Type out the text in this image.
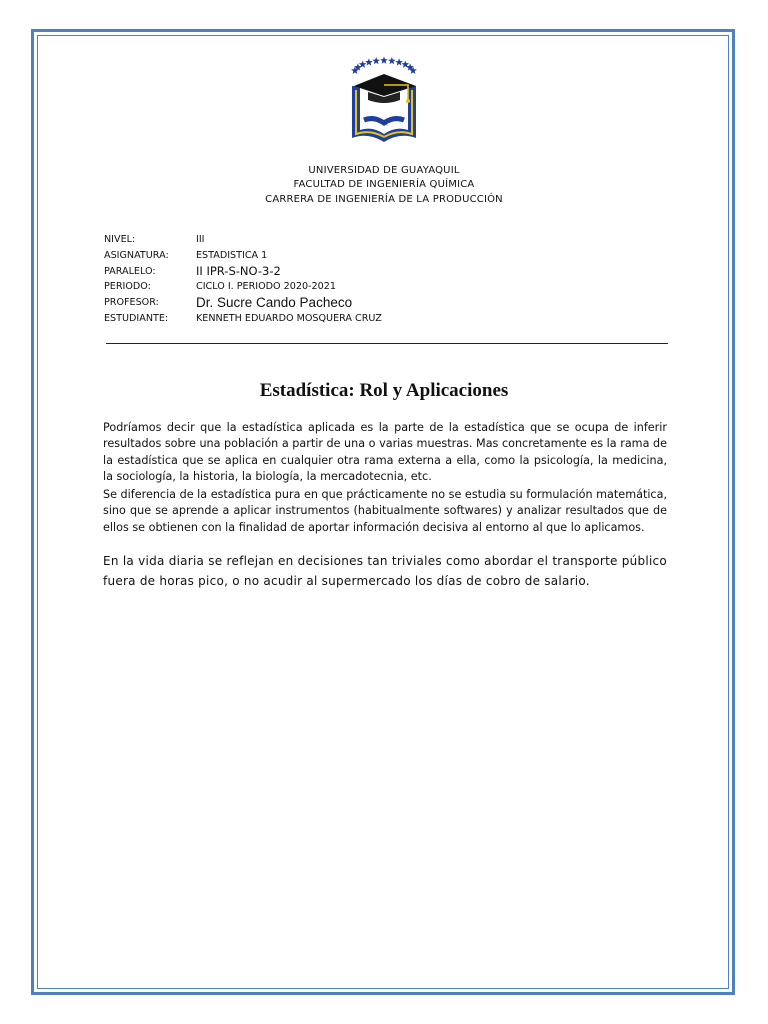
UNIVERSIDAD DE GUAYAQUIL
FACULTAD DE INGENIERÍA QUÍMICA
CARRERA DE INGENIERÍA DE LA PRODUCCIÓN
NIVEL:	III
ASIGNATURA:	ESTADISTICA 1
PARALELO:	II IPR-S-NO-3-2
PERIODO:	CICLO I. PERIODO 2020-2021
PROFESOR:	Dr. Sucre Cando Pacheco
ESTUDIANTE:	KENNETH EDUARDO MOSQUERA CRUZ
Estadística: Rol y Aplicaciones
Podríamos decir que la estadística aplicada es la parte de la estadística que se ocupa de inferir resultados sobre una población a partir de una o varias muestras. Mas concretamente es la rama de la estadística que se aplica en cualquier otra rama externa a ella, como la psicología, la medicina, la sociología, la historia, la biología, la mercadotecnia, etc.
Se diferencia de la estadística pura en que prácticamente no se estudia su formulación matemática, sino que se aprende a aplicar instrumentos (habitualmente softwares) y analizar resultados que de ellos se obtienen con la finalidad de aportar información decisiva al entorno al que lo aplicamos.
En la vida diaria se reflejan en decisiones tan triviales como abordar el transporte público fuera de horas pico, o no acudir al supermercado los días de cobro de salario.
